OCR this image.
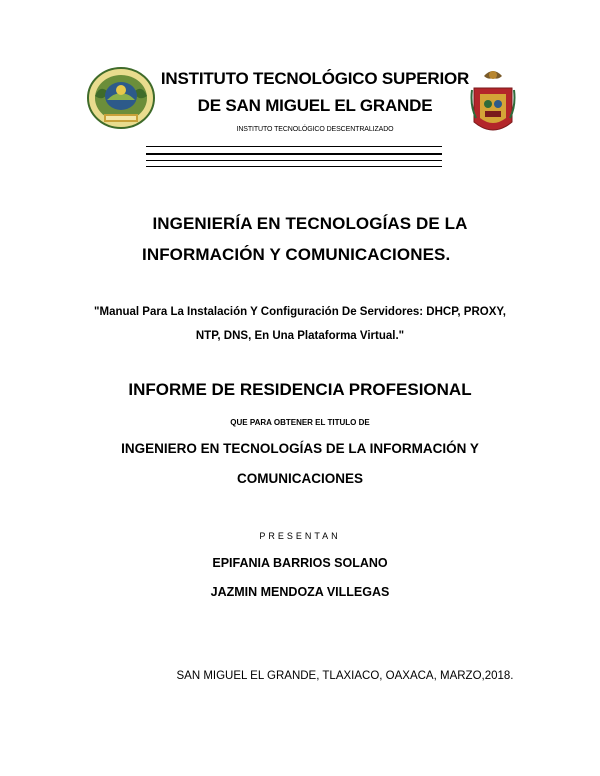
INSTITUTO TECNOLÓGICO SUPERIOR
DE SAN MIGUEL EL GRANDE
INSTITUTO TECNOLÓGICO DESCENTRALIZADO
INGENIERÍA EN TECNOLOGÍAS DE LA
INFORMACIÓN Y COMUNICACIONES.
"Manual Para La Instalación Y Configuración De Servidores: DHCP, PROXY,
NTP, DNS, En Una Plataforma Virtual."
INFORME DE RESIDENCIA PROFESIONAL
QUE PARA OBTENER EL TITULO DE
INGENIERO EN TECNOLOGÍAS DE LA INFORMACIÓN Y
COMUNICACIONES
PRESENTAN
EPIFANIA BARRIOS SOLANO
JAZMIN MENDOZA VILLEGAS
SAN MIGUEL EL GRANDE, TLAXIACO, OAXACA, MARZO,2018.
